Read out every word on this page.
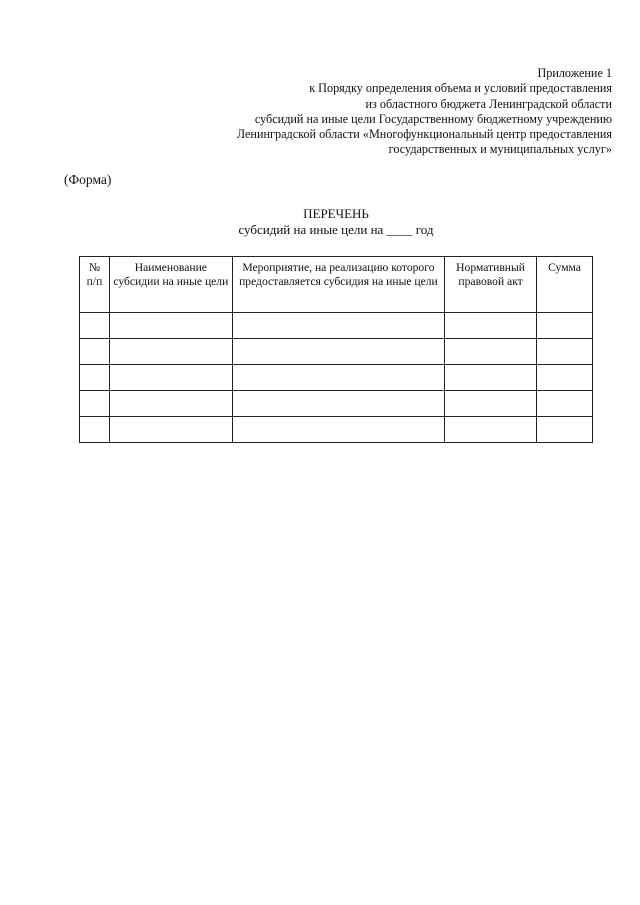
Приложение 1
к Порядку определения объема и условий предоставления
из областного бюджета Ленинградской области
субсидий на иные цели Государственному бюджетному учреждению
Ленинградской области «Многофункциональный центр предоставления
государственных и муниципальных услуг»
(Форма)
ПЕРЕЧЕНЬ
субсидий на иные цели на ____ год
№ п/п	Наименование субсидии на иные цели	Мероприятие, на реализацию которого предоставляется субсидия на иные цели	Нормативный правовой акт	Сумма
